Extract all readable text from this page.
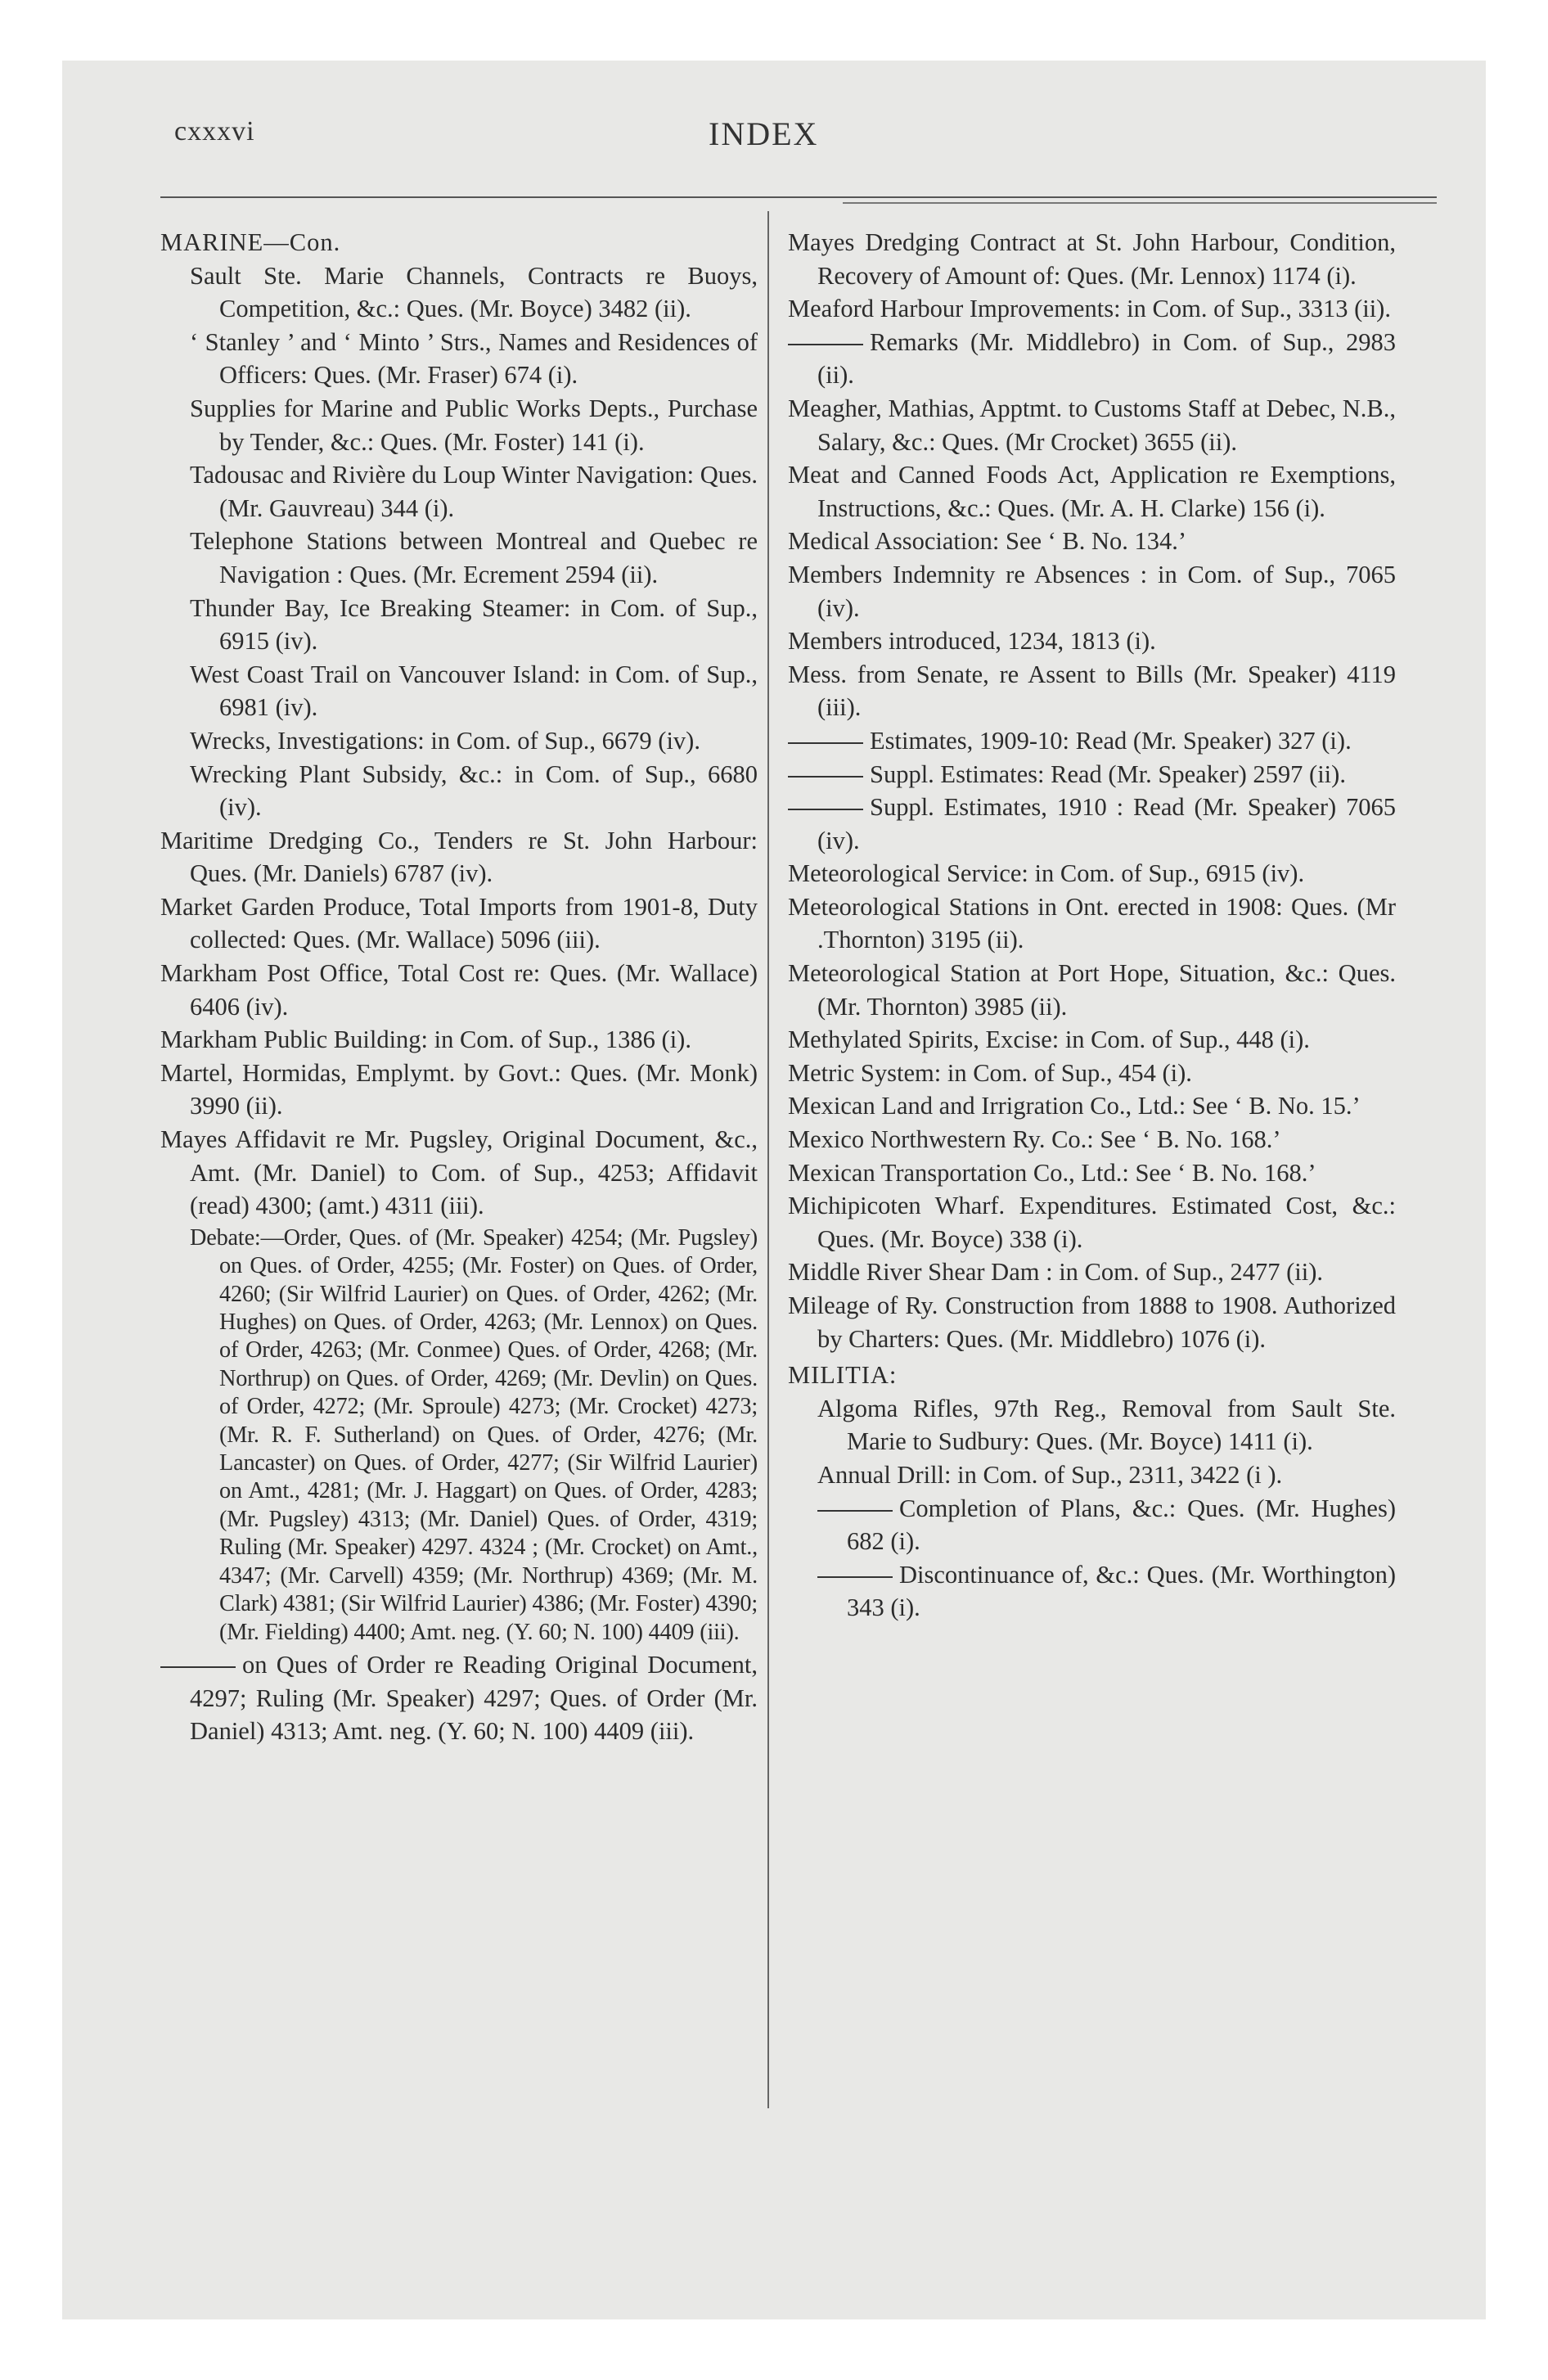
cxxxvi	INDEX

MARINE—Con.

Sault Ste. Marie Channels, Contracts re Buoys, Competition, &c.: Ques. (Mr. Boyce) 3482 (ii).

‘ Stanley ’ and ‘ Minto ’ Strs., Names and Residences of Officers: Ques. (Mr. Fraser) 674 (i).

Supplies for Marine and Public Works Depts., Purchase by Tender, &c.: Ques. (Mr. Foster) 141 (i).

Tadousac and Rivière du Loup Winter Navigation: Ques. (Mr. Gauvreau) 344 (i).

Telephone Stations between Montreal and Quebec re Navigation : Ques. (Mr. Ecrement 2594 (ii).

Thunder Bay, Ice Breaking Steamer: in Com. of Sup., 6915 (iv).

West Coast Trail on Vancouver Island: in Com. of Sup., 6981 (iv).

Wrecks, Investigations: in Com. of Sup., 6679 (iv).

Wrecking Plant Subsidy, &c.: in Com. of Sup., 6680 (iv).

Maritime Dredging Co., Tenders re St. John Harbour: Ques. (Mr. Daniels) 6787 (iv).

Market Garden Produce, Total Imports from 1901-8, Duty collected: Ques. (Mr. Wallace) 5096 (iii).

Markham Post Office, Total Cost re: Ques. (Mr. Wallace) 6406 (iv).

Markham Public Building: in Com. of Sup., 1386 (i).

Martel, Hormidas, Emplymt. by Govt.: Ques. (Mr. Monk) 3990 (ii).

Mayes Affidavit re Mr. Pugsley, Original Document, &c., Amt. (Mr. Daniel) to Com. of Sup., 4253; Affidavit (read) 4300; (amt.) 4311 (iii).

Debate:—Order, Ques. of (Mr. Speaker) 4254; (Mr. Pugsley) on Ques. of Order, 4255; (Mr. Foster) on Ques. of Order, 4260; (Sir Wilfrid Laurier) on Ques. of Order, 4262; (Mr. Hughes) on Ques. of Order, 4263; (Mr. Lennox) on Ques. of Order, 4263; (Mr. Conmee) Ques. of Order, 4268; (Mr. Northrup) on Ques. of Order, 4269; (Mr. Devlin) on Ques. of Order, 4272; (Mr. Sproule) 4273; (Mr. Crocket) 4273; (Mr. R. F. Sutherland) on Ques. of Order, 4276; (Mr. Lancaster) on Ques. of Order, 4277; (Sir Wilfrid Laurier) on Amt., 4281; (Mr. J. Haggart) on Ques. of Order, 4283; (Mr. Pugsley) 4313; (Mr. Daniel) Ques. of Order, 4319; Ruling (Mr. Speaker) 4297. 4324 ; (Mr. Crocket) on Amt., 4347; (Mr. Carvell) 4359; (Mr. Northrup) 4369; (Mr. M. Clark) 4381; (Sir Wilfrid Laurier) 4386; (Mr. Foster) 4390; (Mr. Fielding) 4400; Amt. neg. (Y. 60; N. 100) 4409 (iii).

on Ques of Order re Reading Original Document, 4297; Ruling (Mr. Speaker) 4297; Ques. of Order (Mr. Daniel) 4313; Amt. neg. (Y. 60; N. 100) 4409 (iii).

Mayes Dredging Contract at St. John Harbour, Condition, Recovery of Amount of: Ques. (Mr. Lennox) 1174 (i).

Meaford Harbour Improvements: in Com. of Sup., 3313 (ii).

Remarks (Mr. Middlebro) in Com. of Sup., 2983 (ii).

Meagher, Mathias, Apptmt. to Customs Staff at Debec, N.B., Salary, &c.: Ques. (Mr Crocket) 3655 (ii).

Meat and Canned Foods Act, Application re Exemptions, Instructions, &c.: Ques. (Mr. A. H. Clarke) 156 (i).

Medical Association: See ‘ B. No. 134.’

Members Indemnity re Absences : in Com. of Sup., 7065 (iv).

Members introduced, 1234, 1813 (i).

Mess. from Senate, re Assent to Bills (Mr. Speaker) 4119 (iii).

Estimates, 1909-10: Read (Mr. Speaker) 327 (i).

Suppl. Estimates: Read (Mr. Speaker) 2597 (ii).

Suppl. Estimates, 1910 : Read (Mr. Speaker) 7065 (iv).

Meteorological Service: in Com. of Sup., 6915 (iv).

Meteorological Stations in Ont. erected in 1908: Ques. (Mr .Thornton) 3195 (ii).

Meteorological Station at Port Hope, Situation, &c.: Ques. (Mr. Thornton) 3985 (ii).

Methylated Spirits, Excise: in Com. of Sup., 448 (i).

Metric System: in Com. of Sup., 454 (i).

Mexican Land and Irrigration Co., Ltd.: See ‘ B. No. 15.’

Mexico Northwestern Ry. Co.: See ‘ B. No. 168.’

Mexican Transportation Co., Ltd.: See ‘ B. No. 168.’

Michipicoten Wharf. Expenditures. Estimated Cost, &c.: Ques. (Mr. Boyce) 338 (i).

Middle River Shear Dam : in Com. of Sup., 2477 (ii).

Mileage of Ry. Construction from 1888 to 1908. Authorized by Charters: Ques. (Mr. Middlebro) 1076 (i).

MILITIA:

Algoma Rifles, 97th Reg., Removal from Sault Ste. Marie to Sudbury: Ques. (Mr. Boyce) 1411 (i).

Annual Drill: in Com. of Sup., 2311, 3422 (i ).

Completion of Plans, &c.: Ques. (Mr. Hughes) 682 (i).

Discontinuance of, &c.: Ques. (Mr. Worthington) 343 (i).
